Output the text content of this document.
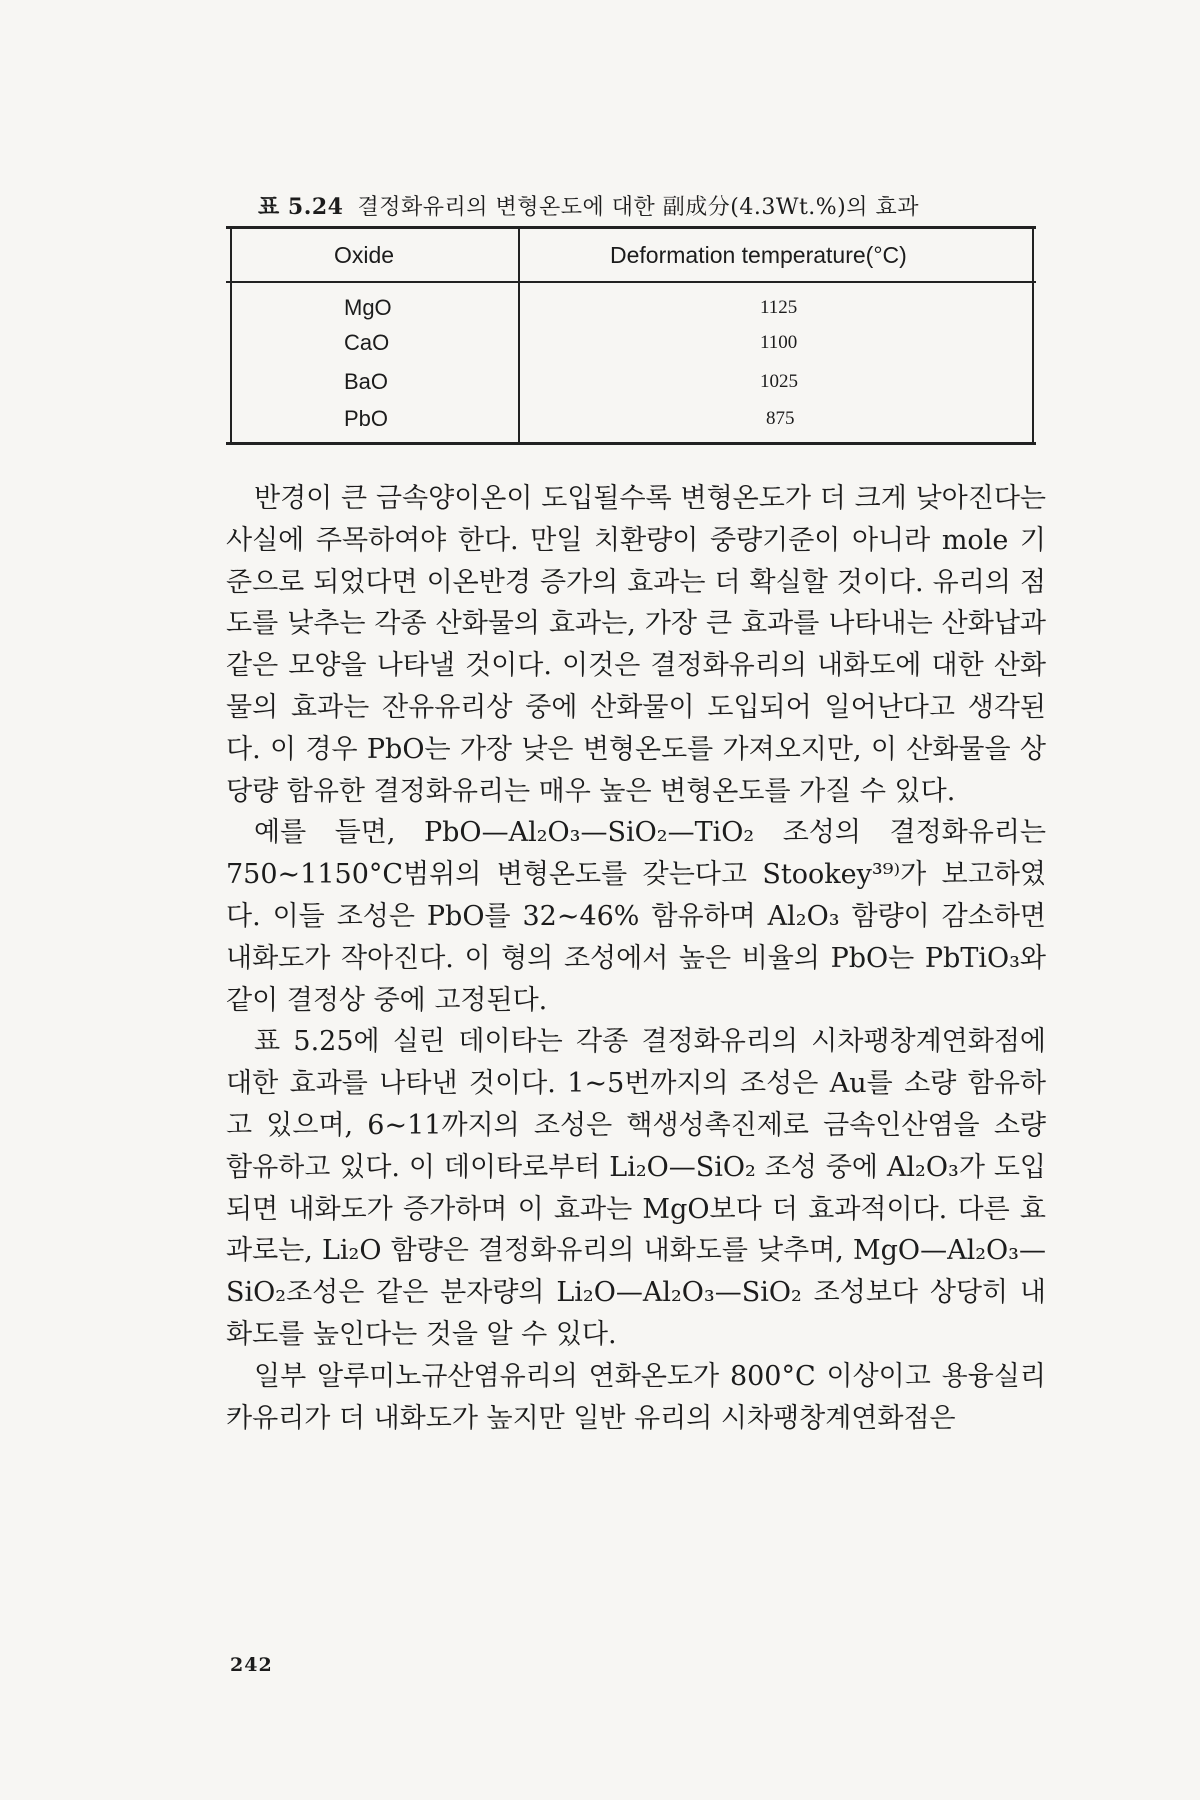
표 5.24 결정화유리의 변형온도에 대한 副成分(4.3Wt.%)의 효과
Oxide	Deformation temperature(°C)
MgO	1125
CaO	1100
BaO	1025
PbO	875

반경이 큰 금속양이온이 도입될수록 변형온도가 더 크게 낮아진다는 사실에 주목하여야 한다. 만일 치환량이 중량기준이 아니라 mole 기준으로 되었다면 이온반경 증가의 효과는 더 확실할 것이다. 유리의 점도를 낮추는 각종 산화물의 효과는, 가장 큰 효과를 나타내는 산화납과 같은 모양을 나타낼 것이다. 이것은 결정화유리의 내화도에 대한 산화물의 효과는 잔유유리상 중에 산화물이 도입되어 일어난다고 생각된다. 이 경우 PbO는 가장 낮은 변형온도를 가져오지만, 이 산화물을 상당량 함유한 결정화유리는 매우 높은 변형온도를 가질 수 있다.

예를 들면, PbO—Al₂O₃—SiO₂—TiO₂ 조성의 결정화유리는 750∼1150°C범위의 변형온도를 갖는다고 Stookey³⁹⁾가 보고하였다. 이들 조성은 PbO를 32∼46% 함유하며 Al₂O₃ 함량이 감소하면 내화도가 작아진다. 이 형의 조성에서 높은 비율의 PbO는 PbTiO₃와 같이 결정상 중에 고정된다.

표 5.25에 실린 데이타는 각종 결정화유리의 시차팽창계연화점에 대한 효과를 나타낸 것이다. 1∼5번까지의 조성은 Au를 소량 함유하고 있으며, 6∼11까지의 조성은 핵생성촉진제로 금속인산염을 소량 함유하고 있다. 이 데이타로부터 Li₂O—SiO₂ 조성 중에 Al₂O₃가 도입되면 내화도가 증가하며 이 효과는 MgO보다 더 효과적이다. 다른 효과로는, Li₂O 함량은 결정화유리의 내화도를 낮추며, MgO—Al₂O₃—SiO₂조성은 같은 분자량의 Li₂O—Al₂O₃—SiO₂ 조성보다 상당히 내화도를 높인다는 것을 알 수 있다.

일부 알루미노규산염유리의 연화온도가 800°C 이상이고 용융실리카유리가 더 내화도가 높지만 일반 유리의 시차팽창계연화점은

242
